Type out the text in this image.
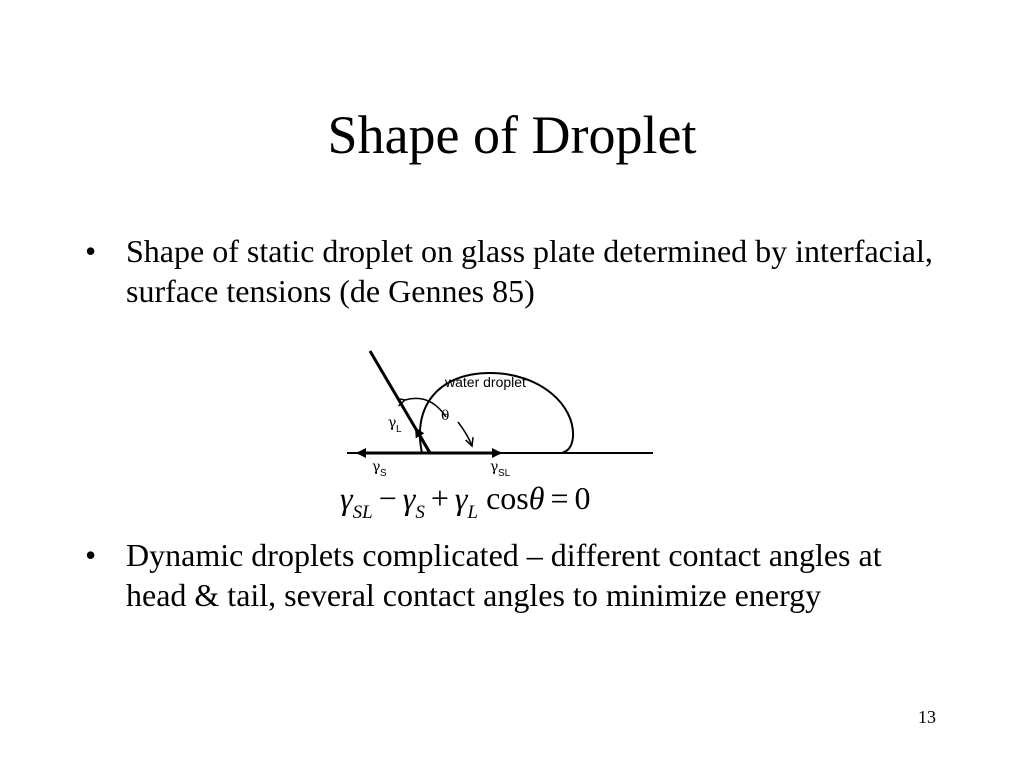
Shape of Droplet
• Shape of static droplet on glass plate determined by interfacial, surface tensions (de Gennes 85)
water droplet
θ
γ L
γ S	γ SL
$\gamma_{SL} - \gamma_S + \gamma_L$ cosθ = 0
• Dynamic droplets complicated – different contact angles at head & tail, several contact angles to minimize energy
13
